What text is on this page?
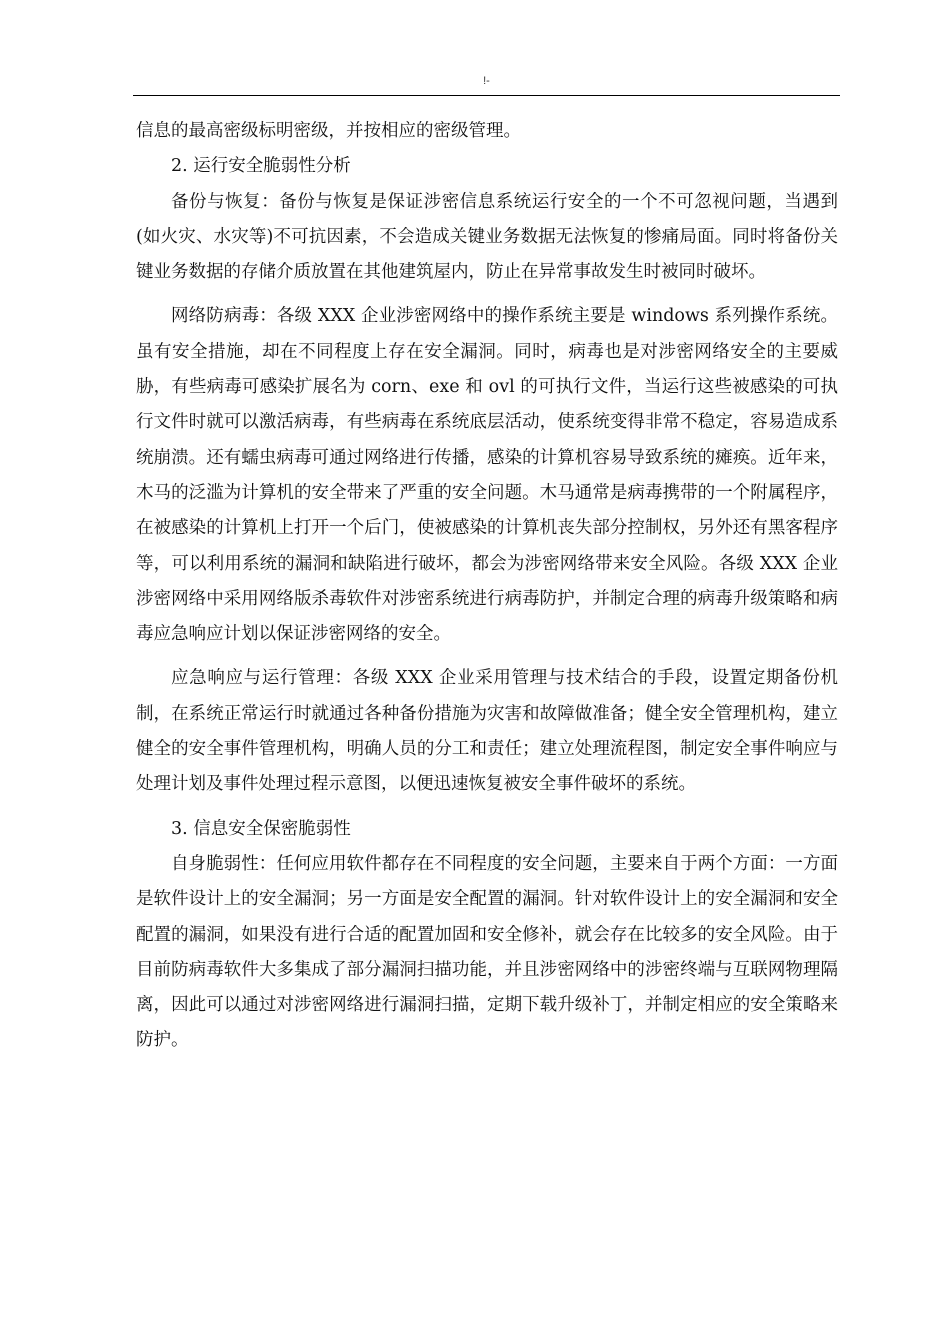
!-

信息的最高密级标明密级，并按相应的密级管理。

2. 运行安全脆弱性分析

备份与恢复：备份与恢复是保证涉密信息系统运行安全的一个不可忽视问题，当遇到(如火灾、水灾等)不可抗因素，不会造成关键业务数据无法恢复的惨痛局面。同时将备份关键业务数据的存储介质放置在其他建筑屋内，防止在异常事故发生时被同时破坏。

网络防病毒：各级 XXX 企业涉密网络中的操作系统主要是 windows 系列操作系统。虽有安全措施，却在不同程度上存在安全漏洞。同时，病毒也是对涉密网络安全的主要威胁，有些病毒可感染扩展名为 corn、exe 和 ovl 的可执行文件，当运行这些被感染的可执行文件时就可以激活病毒，有些病毒在系统底层活动，使系统变得非常不稳定，容易造成系统崩溃。还有蠕虫病毒可通过网络进行传播，感染的计算机容易导致系统的瘫痪。近年来，木马的泛滥为计算机的安全带来了严重的安全问题。木马通常是病毒携带的一个附属程序，在被感染的计算机上打开一个后门，使被感染的计算机丧失部分控制权，另外还有黑客程序等，可以利用系统的漏洞和缺陷进行破坏，都会为涉密网络带来安全风险。各级 XXX 企业涉密网络中采用网络版杀毒软件对涉密系统进行病毒防护，并制定合理的病毒升级策略和病毒应急响应计划以保证涉密网络的安全。

应急响应与运行管理：各级 XXX 企业采用管理与技术结合的手段，设置定期备份机制，在系统正常运行时就通过各种备份措施为灾害和故障做准备；健全安全管理机构，建立健全的安全事件管理机构，明确人员的分工和责任；建立处理流程图，制定安全事件响应与处理计划及事件处理过程示意图，以便迅速恢复被安全事件破坏的系统。

3. 信息安全保密脆弱性

自身脆弱性：任何应用软件都存在不同程度的安全问题，主要来自于两个方面：一方面是软件设计上的安全漏洞；另一方面是安全配置的漏洞。针对软件设计上的安全漏洞和安全配置的漏洞，如果没有进行合适的配置加固和安全修补，就会存在比较多的安全风险。由于目前防病毒软件大多集成了部分漏洞扫描功能，并且涉密网络中的涉密终端与互联网物理隔离，因此可以通过对涉密网络进行漏洞扫描，定期下载升级补丁，并制定相应的安全策略来防护。
